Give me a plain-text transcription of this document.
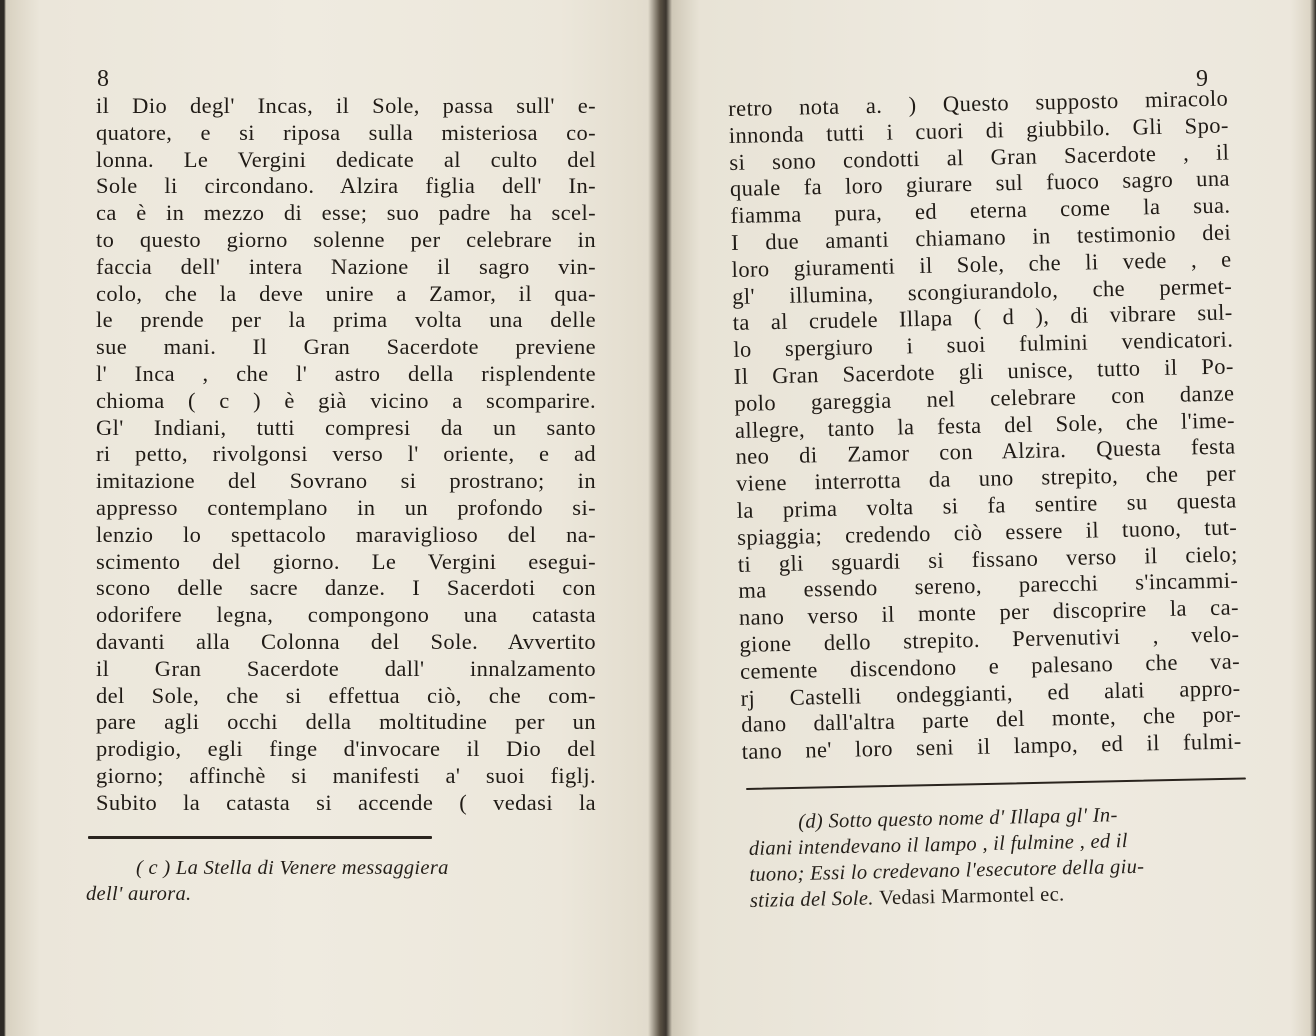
8
il Dio degl' Incas, il Sole, passa sull' e-
quatore, e si riposa sulla misteriosa co-
lonna. Le Vergini dedicate al culto del
Sole li circondano. Alzira figlia dell' In-
ca è in mezzo di esse; suo padre ha scel-
to questo giorno solenne per celebrare in
faccia dell' intera Nazione il sagro vin-
colo, che la deve unire a Zamor, il qua-
le prende per la prima volta una delle
sue mani. Il Gran Sacerdote previene
l' Inca , che l' astro della risplendente
chioma ( c ) è già vicino a scomparire.
Gl' Indiani, tutti compresi da un santo
ri petto, rivolgonsi verso l' oriente, e ad
imitazione del Sovrano si prostrano; in
appresso contemplano in un profondo si-
lenzio lo spettacolo maraviglioso del na-
scimento del giorno. Le Vergini esegui-
scono delle sacre danze. I Sacerdoti con
odorifere legna, compongono una catasta
davanti alla Colonna del Sole. Avvertito
il Gran Sacerdote dall' innalzamento
del Sole, che si effettua ciò, che com-
pare agli occhi della moltitudine per un
prodigio, egli finge d'invocare il Dio del
giorno; affinchè si manifesti a' suoi figlj.
Subito la catasta si accende ( vedasi la
( c ) La Stella di Venere messaggiera
dell' aurora.
9
retro nota a. ) Questo supposto miracolo
innonda tutti i cuori di giubbilo. Gli Spo-
si sono condotti al Gran Sacerdote , il
quale fa loro giurare sul fuoco sagro una
fiamma pura, ed eterna come la sua.
I due amanti chiamano in testimonio dei
loro giuramenti il Sole, che li vede , e
gl' illumina, scongiurandolo, che permet-
ta al crudele Illapa ( d ), di vibrare sul-
lo spergiuro i suoi fulmini vendicatori.
Il Gran Sacerdote gli unisce, tutto il Po-
polo gareggia nel celebrare con danze
allegre, tanto la festa del Sole, che l'ime-
neo di Zamor con Alzira. Questa festa
viene interrotta da uno strepito, che per
la prima volta si fa sentire su questa
spiaggia; credendo ciò essere il tuono, tut-
ti gli sguardi si fissano verso il cielo;
ma essendo sereno, parecchi s'incammi-
nano verso il monte per discoprire la ca-
gione dello strepito. Pervenutivi , velo-
cemente discendono e palesano che va-
rj Castelli ondeggianti, ed alati appro-
dano dall'altra parte del monte, che por-
tano ne' loro seni il lampo, ed il fulmi-
(d) Sotto questo nome d' Illapa gl' In-
diani intendevano il lampo , il fulmine , ed il
tuono; Essi lo credevano l'esecutore della giu-
stizia del Sole. Vedasi Marmontel ec.
